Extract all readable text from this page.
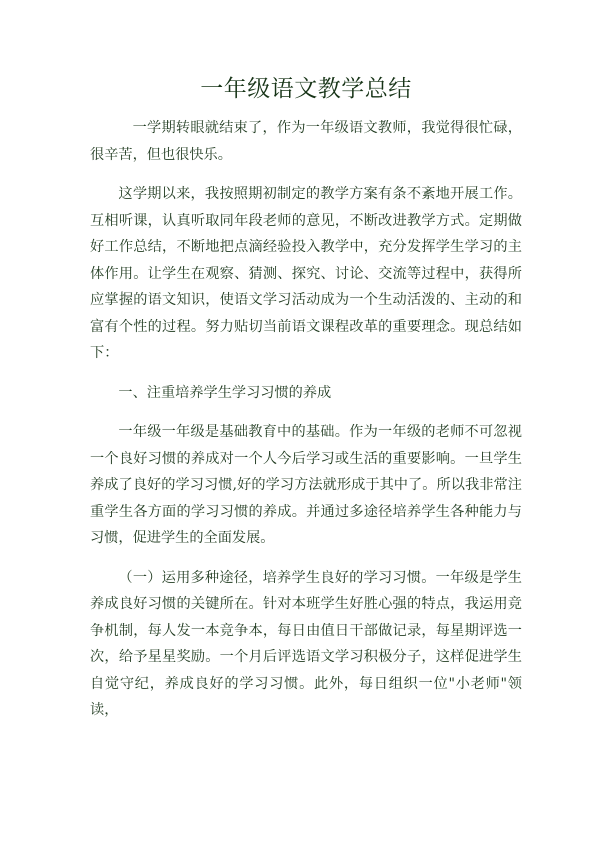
一年级语文教学总结

一学期转眼就结束了，作为一年级语文教师，我觉得很忙碌，很辛苦，但也很快乐。

这学期以来，我按照期初制定的教学方案有条不紊地开展工作。互相听课，认真听取同年段老师的意见，不断改进教学方式。定期做好工作总结，不断地把点滴经验投入教学中，充分发挥学生学习的主体作用。让学生在观察、猜测、探究、讨论、交流等过程中，获得所应掌握的语文知识，使语文学习活动成为一个生动活泼的、主动的和富有个性的过程。努力贴切当前语文课程改革的重要理念。现总结如下：

一、注重培养学生学习习惯的养成

一年级一年级是基础教育中的基础。作为一年级的老师不可忽视一个良好习惯的养成对一个人今后学习或生活的重要影响。一旦学生养成了良好的学习习惯,好的学习方法就形成于其中了。所以我非常注重学生各方面的学习习惯的养成。并通过多途径培养学生各种能力与习惯，促进学生的全面发展。

（一）运用多种途径，培养学生良好的学习习惯。一年级是学生养成良好习惯的关键所在。针对本班学生好胜心强的特点，我运用竞争机制，每人发一本竞争本，每日由值日干部做记录，每星期评选一次，给予星星奖励。一个月后评选语文学习积极分子，这样促进学生自觉守纪，养成良好的学习习惯。此外，每日组织一位"小老师"领读，
